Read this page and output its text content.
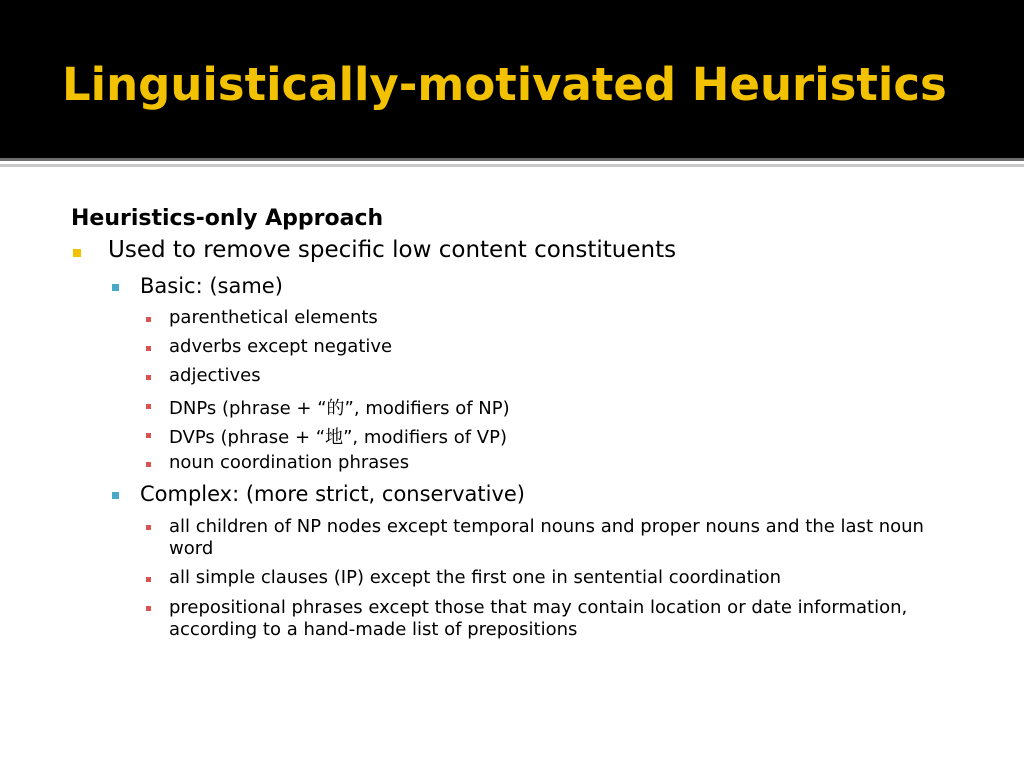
Linguistically-motivated Heuristics
Heuristics-only Approach
Used to remove specific low content constituents
Basic: (same)
parenthetical elements
adverbs except negative
adjectives
DNPs (phrase + “的”, modifiers of NP)
DVPs (phrase + “地”, modifiers of VP)
noun coordination phrases
Complex: (more strict, conservative)
all children of NP nodes except temporal nouns and proper nouns and the last noun word
all simple clauses (IP) except the first one in sentential coordination
prepositional phrases except those that may contain location or date information, according to a hand-made list of prepositions
